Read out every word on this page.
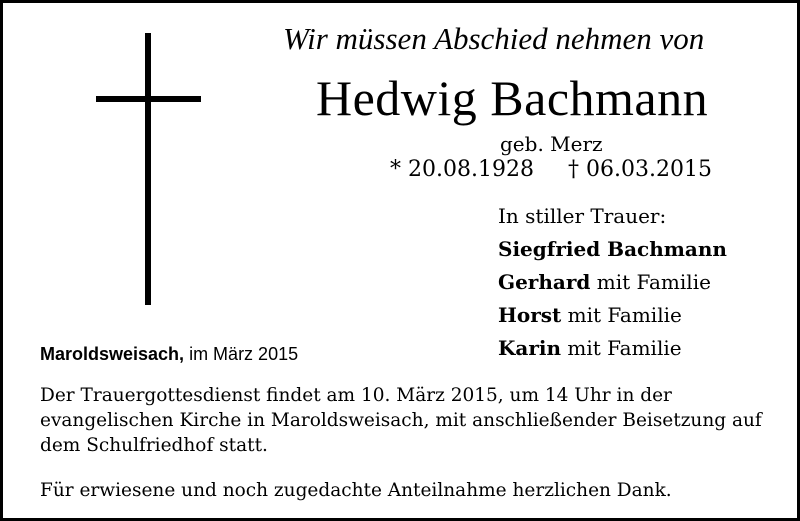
Wir müssen Abschied nehmen von
Hedwig Bachmann
geb. Merz
* 20.08.1928 † 06.03.2015
In stiller Trauer:
Siegfried Bachmann
Gerhard mit Familie
Horst mit Familie
Karin mit Familie
Maroldsweisach, im März 2015
Der Trauergottesdienst findet am 10. März 2015, um 14 Uhr in der evangelischen Kirche in Maroldsweisach, mit anschließender Beisetzung auf dem Schulfriedhof statt.
Für erwiesene und noch zugedachte Anteilnahme herzlichen Dank.
